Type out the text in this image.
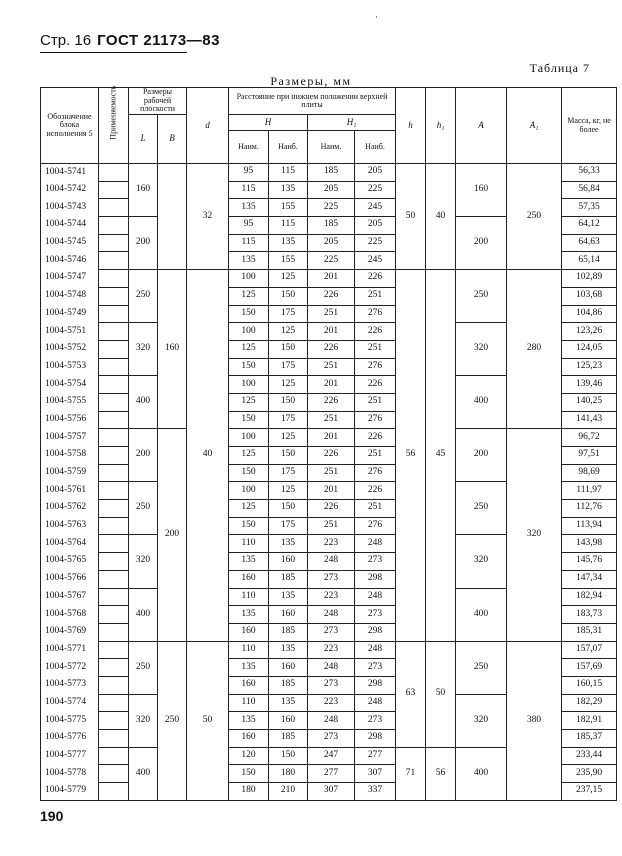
Стр. 16 ГОСТ 21173—83
·
Таблица 7
Размеры, мм
Обозначение блока исполнения 5	Применяемость	Размеры рабочей плоскости		d	Расстояние при нижнем положении верхней плиты				h	h₁	A	A₁	Масса, кг, не более
		L	B		H		H₁						
					Наим.	Наиб.	Наим.	Наиб.					
1004-5741		160		32	95	115	185	205	50	40	160	250	56,33
1004-5742					115	135	205	225					56,84
1004-5743					135	155	225	245					57,35
1004-5744		200			95	115	185	205			200		64,12
1004-5745					115	135	205	225					64,63
1004-5746					135	155	225	245					65,14
1004-5747		250	160	40	100	125	201	226	56	45	250	280	102,89
1004-5748					125	150	226	251					103,68
1004-5749					150	175	251	276					104,86
1004-5751		320			100	125	201	226			320		123,26
1004-5752					125	150	226	251					124,05
1004-5753					150	175	251	276					125,23
1004-5754		400			100	125	201	226			400		139,46
1004-5755					125	150	226	251					140,25
1004-5756					150	175	251	276					141,43
1004-5757		200	200		100	125	201	226			200	320	96,72
1004-5758					125	150	226	251					97,51
1004-5759					150	175	251	276					98,69
1004-5761		250			100	125	201	226			250		111,97
1004-5762					125	150	226	251					112,76
1004-5763					150	175	251	276					113,94
1004-5764		320			110	135	223	248			320		143,98
1004-5765					135	160	248	273					145,76
1004-5766					160	185	273	298					147,34
1004-5767		400			110	135	223	248			400		182,94
1004-5768					135	160	248	273					183,73
1004-5769					160	185	273	298					185,31
1004-5771		250	250	50	110	135	223	248	63	50	250	380	157,07
1004-5772					135	160	248	273					157,69
1004-5773					160	185	273	298					160,15
1004-5774		320			110	135	223	248			320		182,29
1004-5775					135	160	248	273					182,91
1004-5776					160	185	273	298					185,37
1004-5777		400			120	150	247	277	71	56	400		233,44
1004-5778					150	180	277	307					235,90
1004-5779					180	210	307	337					237,15
190
